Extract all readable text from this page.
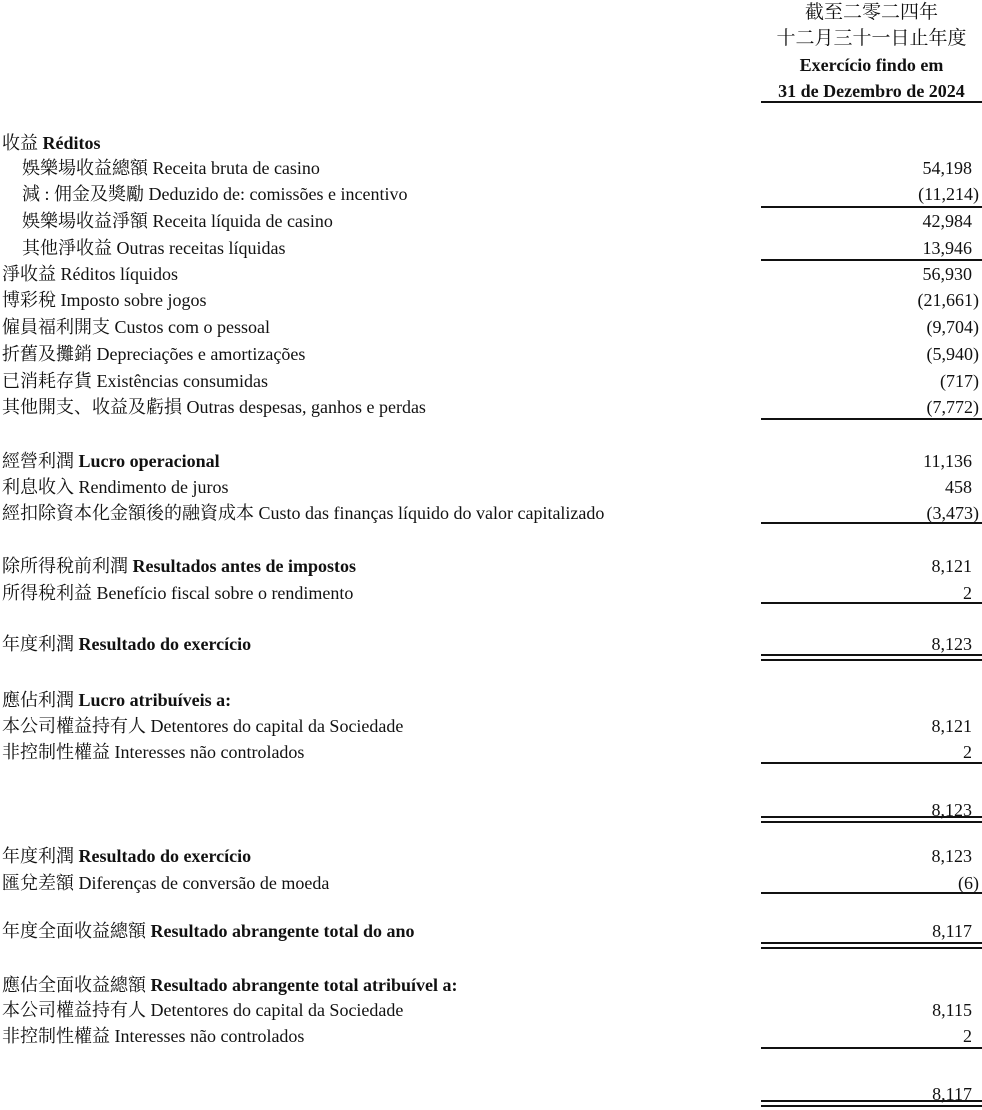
截至二零二四年
十二月三十一日止年度
Exercício findo em
31 de Dezembro de 2024
收益 Réditos
娛樂場收益總額 Receita bruta de casino	54,198
減 : 佣金及獎勵 Deduzido de: comissões e incentivo	(11,214)
娛樂場收益淨額 Receita líquida de casino	42,984
其他淨收益 Outras receitas líquidas	13,946
淨收益 Réditos líquidos	56,930
博彩稅 Imposto sobre jogos	(21,661)
僱員福利開支 Custos com o pessoal	(9,704)
折舊及攤銷 Depreciações e amortizações	(5,940)
已消耗存貨 Existências consumidas	(717)
其他開支、收益及虧損 Outras despesas, ganhos e perdas	(7,772)
經營利潤 Lucro operacional	11,136
利息收入 Rendimento de juros	458
經扣除資本化金額後的融資成本 Custo das finanças líquido do valor capitalizado	(3,473)
除所得稅前利潤 Resultados antes de impostos	8,121
所得稅利益 Benefício fiscal sobre o rendimento	2
年度利潤 Resultado do exercício	8,123
應佔利潤 Lucro atribuíveis a:
本公司權益持有人 Detentores do capital da Sociedade	8,121
非控制性權益 Interesses não controlados	2
8,123
年度利潤 Resultado do exercício	8,123
匯兌差額 Diferenças de conversão de moeda	(6)
年度全面收益總額 Resultado abrangente total do ano	8,117
應佔全面收益總額 Resultado abrangente total atribuível a:
本公司權益持有人 Detentores do capital da Sociedade	8,115
非控制性權益 Interesses não controlados	2
8,117
